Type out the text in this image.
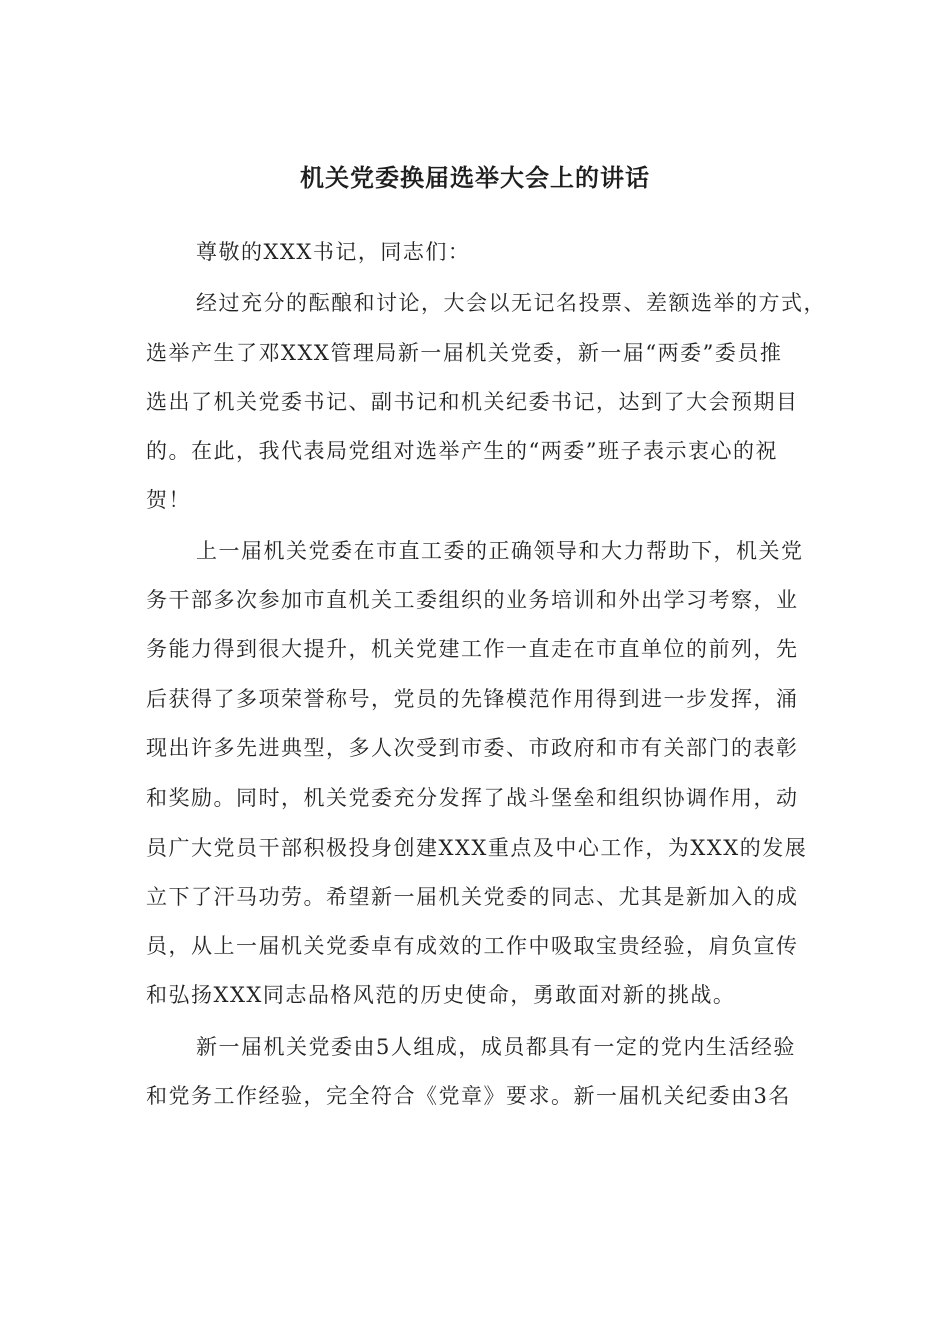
机关党委换届选举大会上的讲话
尊敬的XXX书记，同志们：
经过充分的酝酿和讨论，大会以无记名投票、差额选举的方式，
选举产生了邓XXX管理局新一届机关党委，新一届“两委”委员推
选出了机关党委书记、副书记和机关纪委书记，达到了大会预期目
的。在此，我代表局党组对选举产生的“两委”班子表示衷心的祝
贺！
上一届机关党委在市直工委的正确领导和大力帮助下，机关党
务干部多次参加市直机关工委组织的业务培训和外出学习考察，业
务能力得到很大提升，机关党建工作一直走在市直单位的前列，先
后获得了多项荣誉称号，党员的先锋模范作用得到进一步发挥，涌
现出许多先进典型，多人次受到市委、市政府和市有关部门的表彰
和奖励。同时，机关党委充分发挥了战斗堡垒和组织协调作用，动
员广大党员干部积极投身创建XXX重点及中心工作，为XXX的发展
立下了汗马功劳。希望新一届机关党委的同志、尤其是新加入的成
员，从上一届机关党委卓有成效的工作中吸取宝贵经验，肩负宣传
和弘扬XXX同志品格风范的历史使命，勇敢面对新的挑战。
新一届机关党委由5人组成，成员都具有一定的党内生活经验
和党务工作经验，完全符合《党章》要求。新一届机关纪委由3名
